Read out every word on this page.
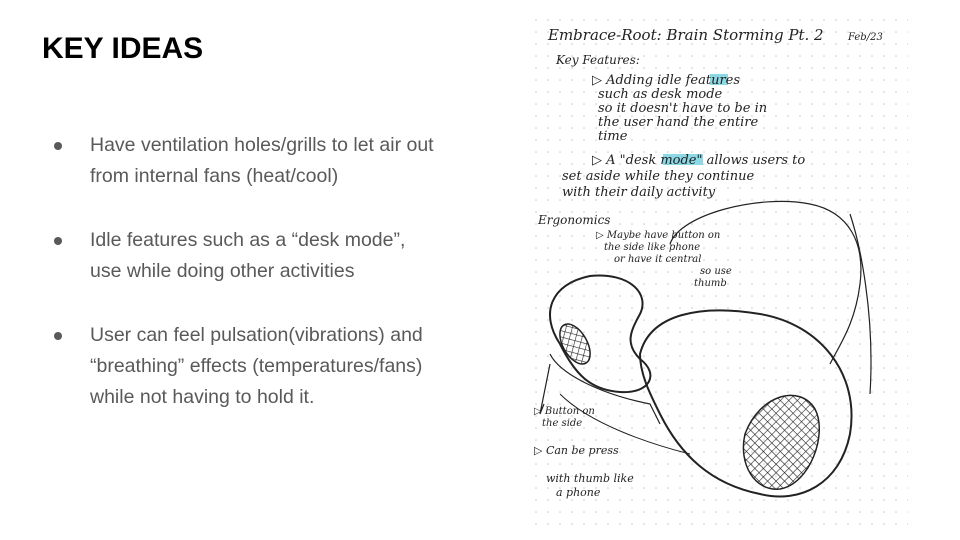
KEY IDEAS
Have ventilation holes/grills to let air out
from internal fans (heat/cool)
Idle features such as a “desk mode”,
use while doing other activities
User can feel pulsation(vibrations) and
“breathing” effects (temperatures/fans)
while not having to hold it.
Embrace-Root: Brain Storming Pt. 2 Feb/23
Key Features:
▷ Adding idle features
such as desk mode
so it doesn't have to be in
the user hand the entire
time
▷ A "desk mode" allows users to
set aside while they continue
with their daily activity
Ergonomics
▷ Maybe have button on
the side like phone
or have it central
so use
thumb
▷ Button on
the side
▷ Can be press
with thumb like
a phone
